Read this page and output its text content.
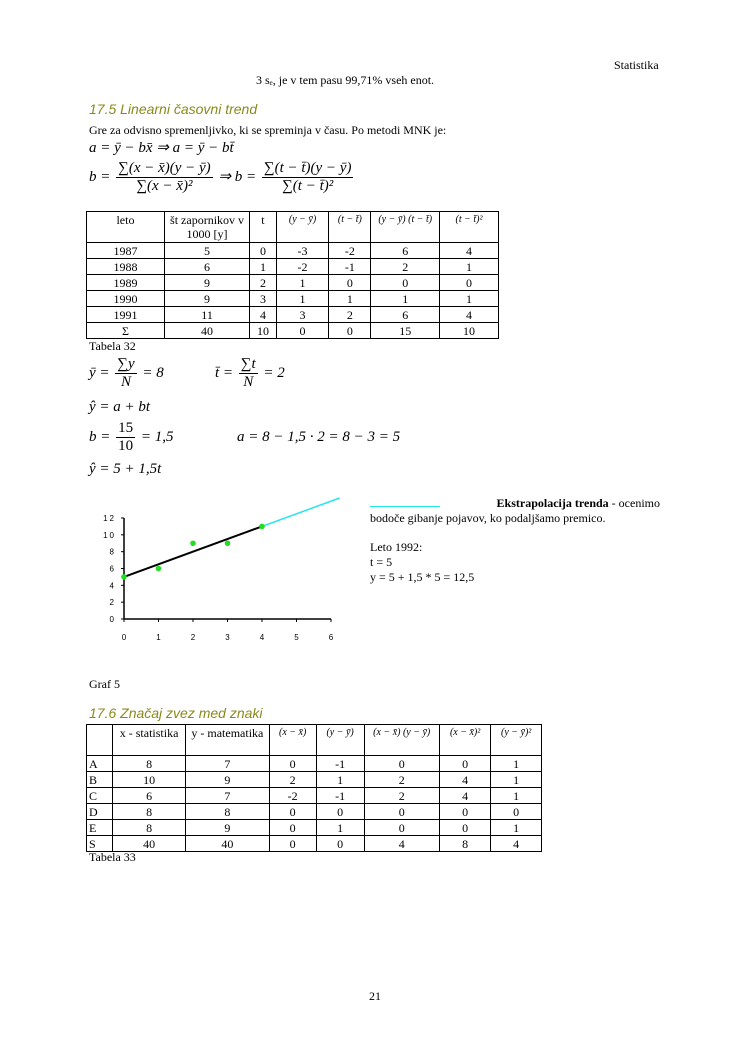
Statistika
3 sₑ, je v tem pasu 99,71% vseh enot.
17.5 Linearni časovni trend
Gre za odvisno spremenljivko, ki se spreminja v času. Po metodi MNK je:
a = ȳ − bx̄ ⇒ a = ȳ − bt̄
$b = \frac{\sum(x - x̄)(y - ȳ)}{\text{∑(x − x̄)²}}$ ⇒ $b = \frac{\sum(t - t̄)(y - ȳ)}{\text{∑(t − t̄)²}}$
leto	št zapornikov v 1000 [y]	t	(y − ȳ)	(t − t̄)	(y − ȳ) (t − t̄)	(t − t̄)²
1987	5	0	-3	-2	6	4
1988	6	1	-2	-1	2	1
1989	9	2	1	0	0	0
1990	9	3	1	1	1	1
1991	11	4	3	2	6	4
Σ	40	10	0	0	15	10
Tabela 32
ȳ = $\frac{\sum y}{N} = 8$	t̄ = $\frac{\sum t}{N} = 2$
ŷ = a + bt
$b = \frac{15}{10} = 1,5$	a = 8 − 1,5 · 2 = 8 − 3 = 5
ŷ = 5 + 1,5t
0
2
4
6
8
10
12
0	1	2	3	4	5	6
Ekstrapolacija trenda - ocenimo
bodoče gibanje pojavov, ko podaljšamo premico.
Leto 1992:
t = 5
y = 5 + 1,5 * 5 = 12,5
Graf 5
17.6 Značaj zvez med znaki
	x - statistika	y - matematika	(x − x̄)	(y − ȳ)	(x − x̄) (y − ȳ)	(x − x̄)²	(y − ȳ)²
A	8	7	0	-1	0	0	1
B	10	9	2	1	2	4	1
C	6	7	-2	-1	2	4	1
D	8	8	0	0	0	0	0
E	8	9	0	1	0	0	1
S	40	40	0	0	4	8	4
Tabela 33
21
